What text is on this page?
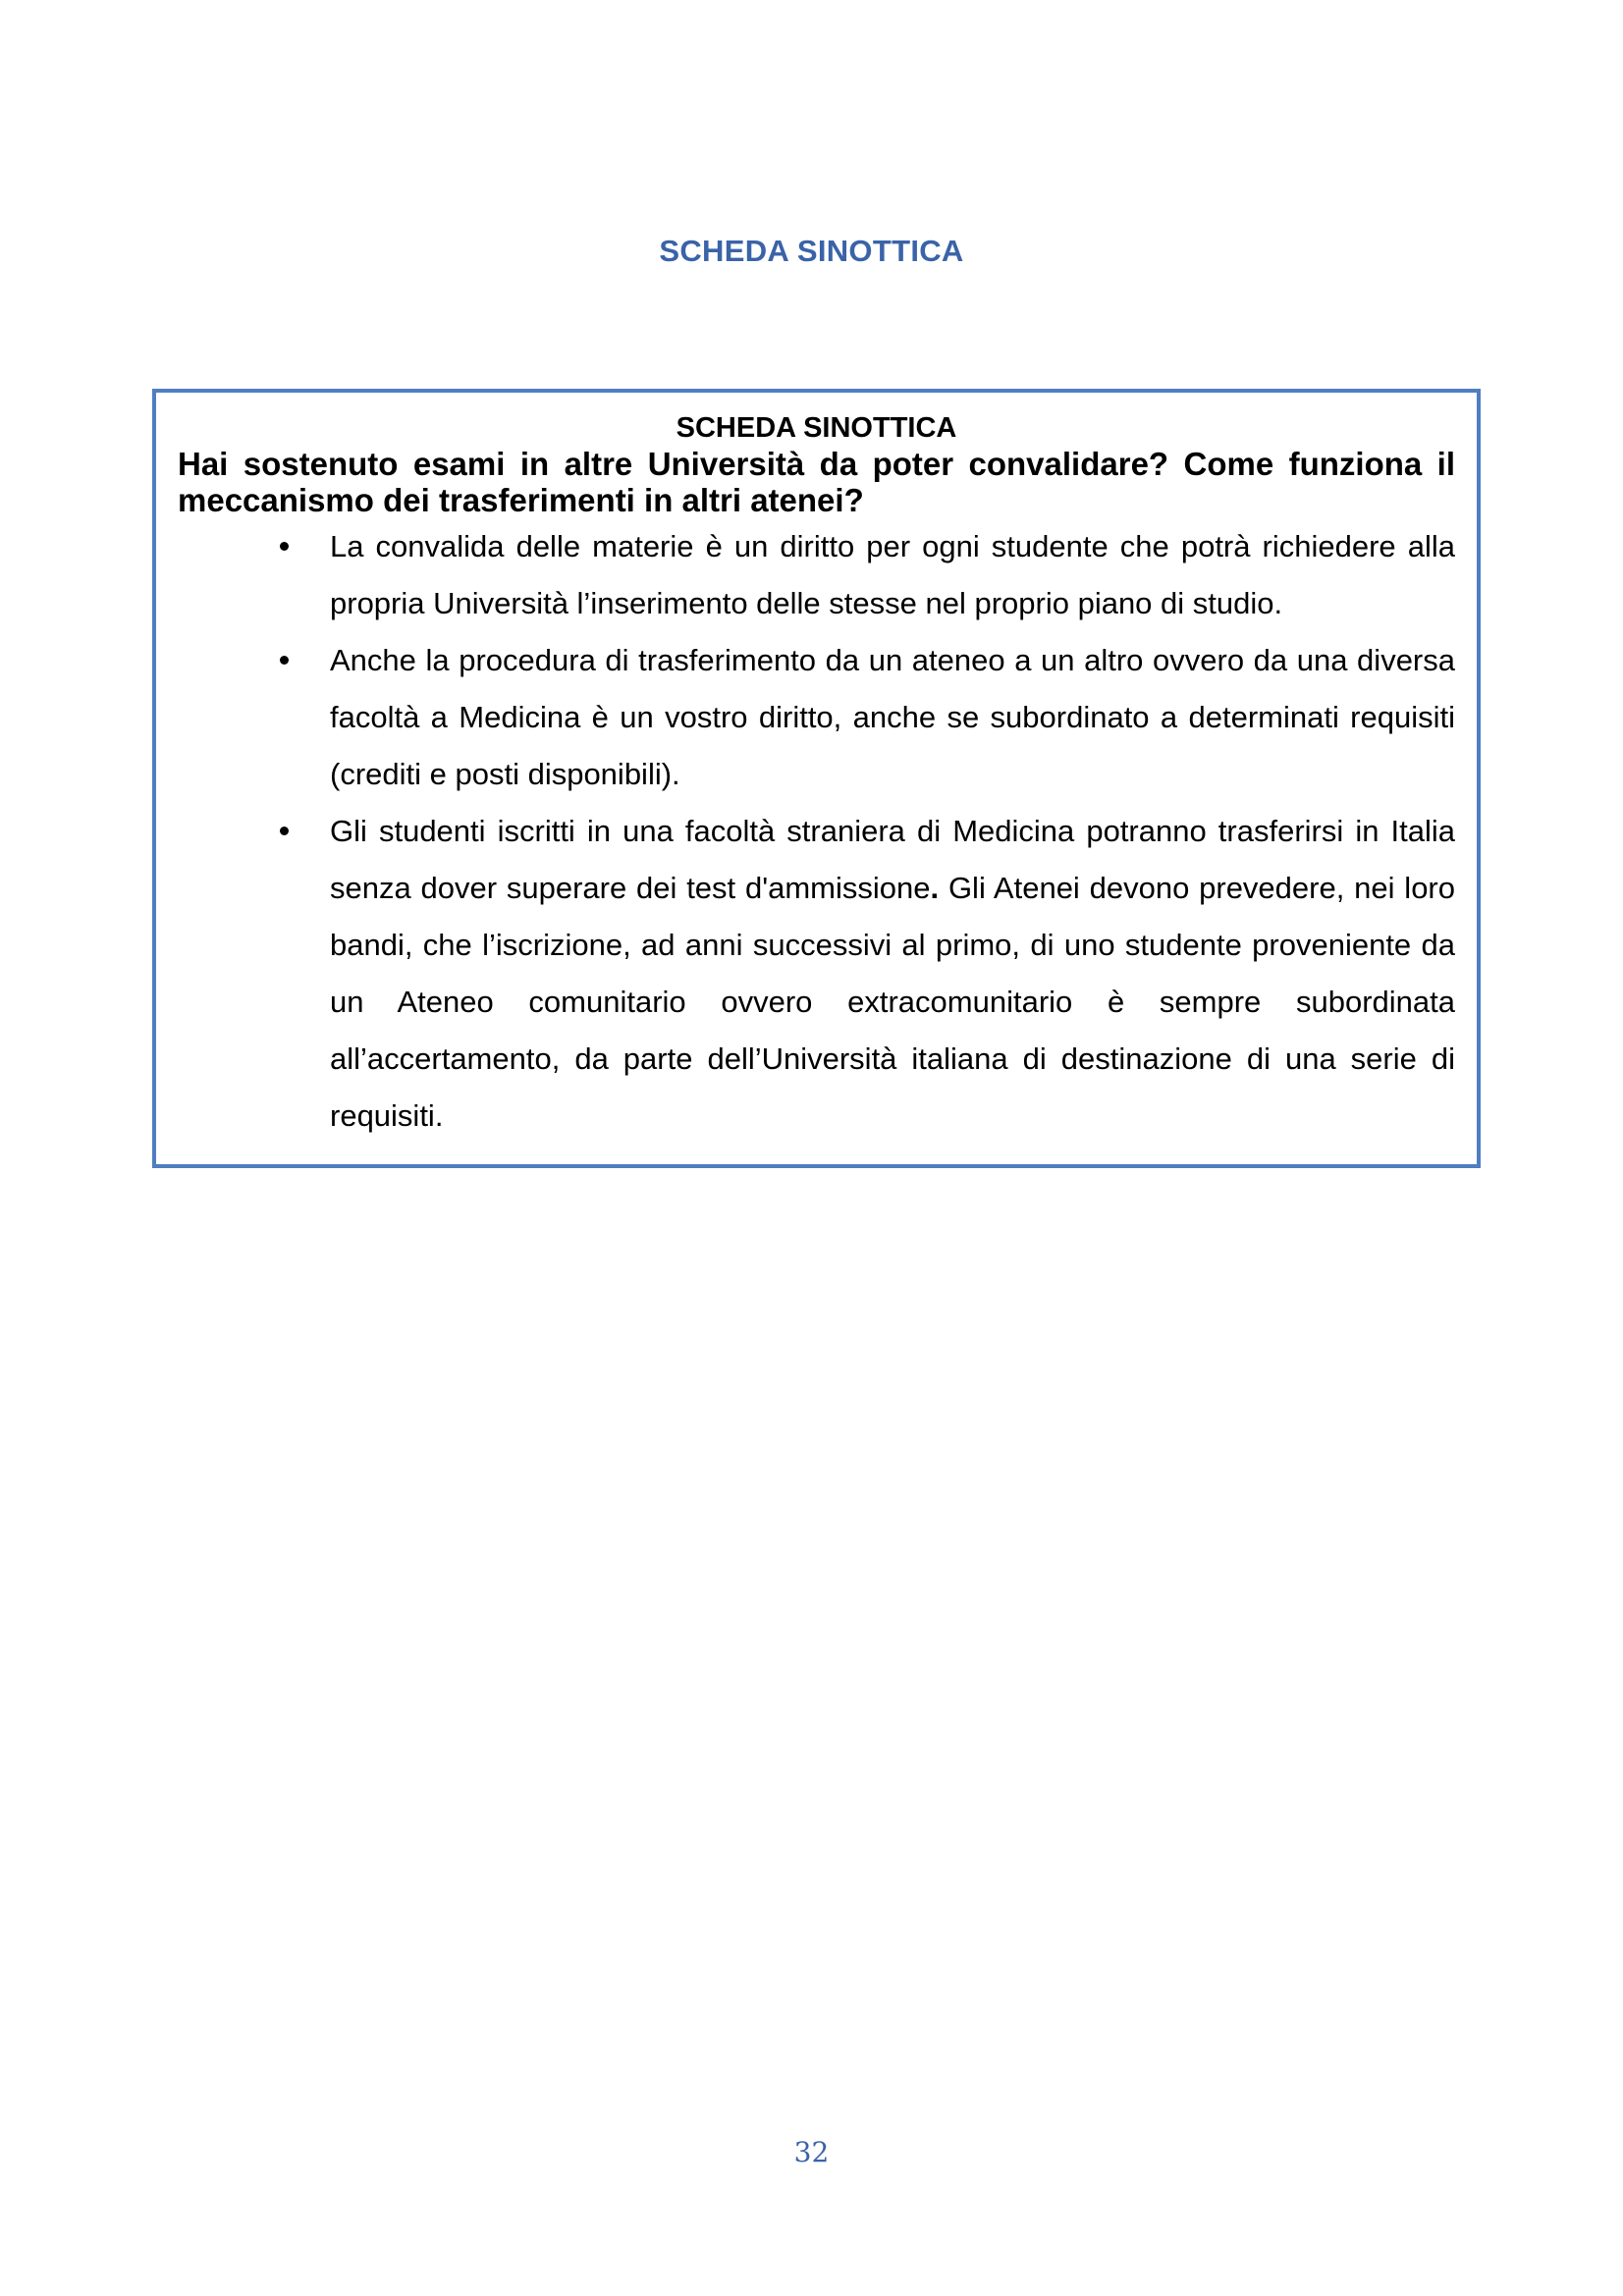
SCHEDA SINOTTICA
SCHEDA SINOTTICA
Hai sostenuto esami in altre Università da poter convalidare? Come funziona il
meccanismo dei trasferimenti in altri atenei?
La convalida delle materie è un diritto per ogni studente che potrà richiedere alla propria Università l’inserimento delle stesse nel proprio piano di studio.
Anche la procedura di trasferimento da un ateneo a un altro ovvero da una diversa facoltà a Medicina è un vostro diritto, anche se subordinato a determinati requisiti (crediti e posti disponibili).
Gli studenti iscritti in una facoltà straniera di Medicina potranno trasferirsi in Italia senza dover superare dei test d'ammissione. Gli Atenei devono prevedere, nei loro bandi, che l’iscrizione, ad anni successivi al primo, di uno studente proveniente da un Ateneo comunitario ovvero extracomunitario è sempre subordinata all’accertamento, da parte dell’Università italiana di destinazione di una serie di requisiti.
32
